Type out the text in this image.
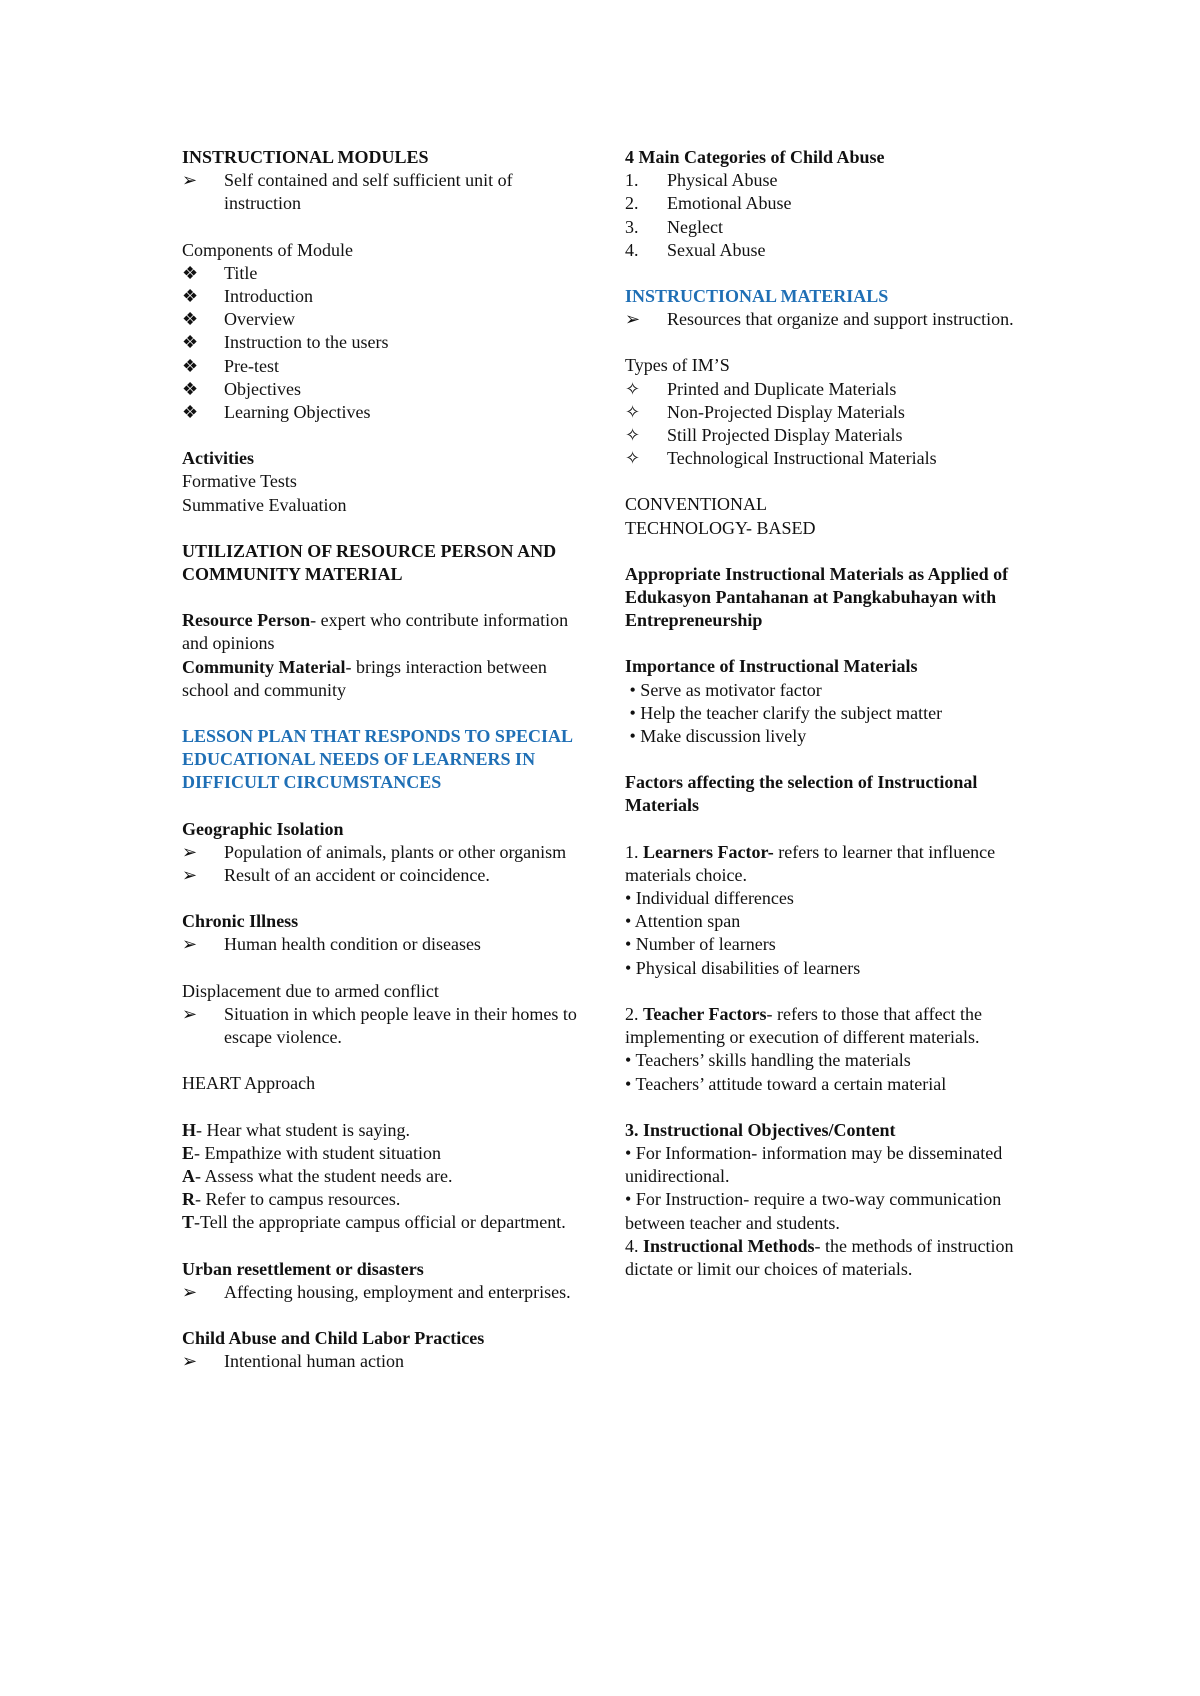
INSTRUCTIONAL MODULES
➢	Self contained and self sufficient unit of instruction
Components of Module
❖	Title
❖	Introduction
❖	Overview
❖	Instruction to the users
❖	Pre-test
❖	Objectives
❖	Learning Objectives
Activities
Formative Tests
Summative Evaluation
UTILIZATION OF RESOURCE PERSON AND COMMUNITY MATERIAL
Resource Person- expert who contribute information and opinions
Community Material- brings interaction between school and community
LESSON PLAN THAT RESPONDS TO SPECIAL EDUCATIONAL NEEDS OF LEARNERS IN DIFFICULT CIRCUMSTANCES
Geographic Isolation
➢	Population of animals, plants or other organism
➢	Result of an accident or coincidence.
Chronic Illness
➢	Human health condition or diseases
Displacement due to armed conflict
➢	Situation in which people leave in their homes to escape violence.
HEART Approach
H- Hear what student is saying.
E- Empathize with student situation
A- Assess what the student needs are.
R- Refer to campus resources.
T-Tell the appropriate campus official or department.
Urban resettlement or disasters
➢	Affecting housing, employment and enterprises.
Child Abuse and Child Labor Practices
➢	Intentional human action
4 Main Categories of Child Abuse
1.	Physical Abuse
2.	Emotional Abuse
3.	Neglect
4.	Sexual Abuse
INSTRUCTIONAL MATERIALS
➢	Resources that organize and support instruction.
Types of IM’S
✧	Printed and Duplicate Materials
✧	Non-Projected Display Materials
✧	Still Projected Display Materials
✧	Technological Instructional Materials
CONVENTIONAL
TECHNOLOGY- BASED
Appropriate Instructional Materials as Applied of Edukasyon Pantahanan at Pangkabuhayan with Entrepreneurship
Importance of Instructional Materials
• Serve as motivator factor
• Help the teacher clarify the subject matter
• Make discussion lively
Factors affecting the selection of Instructional Materials
1. Learners Factor- refers to learner that influence materials choice.
• Individual differences
• Attention span
• Number of learners
• Physical disabilities of learners
2. Teacher Factors- refers to those that affect the implementing or execution of different materials.
• Teachers’ skills handling the materials
• Teachers’ attitude toward a certain material
3. Instructional Objectives/Content
• For Information- information may be disseminated unidirectional.
• For Instruction- require a two-way communication between teacher and students.
4. Instructional Methods- the methods of instruction dictate or limit our choices of materials.
